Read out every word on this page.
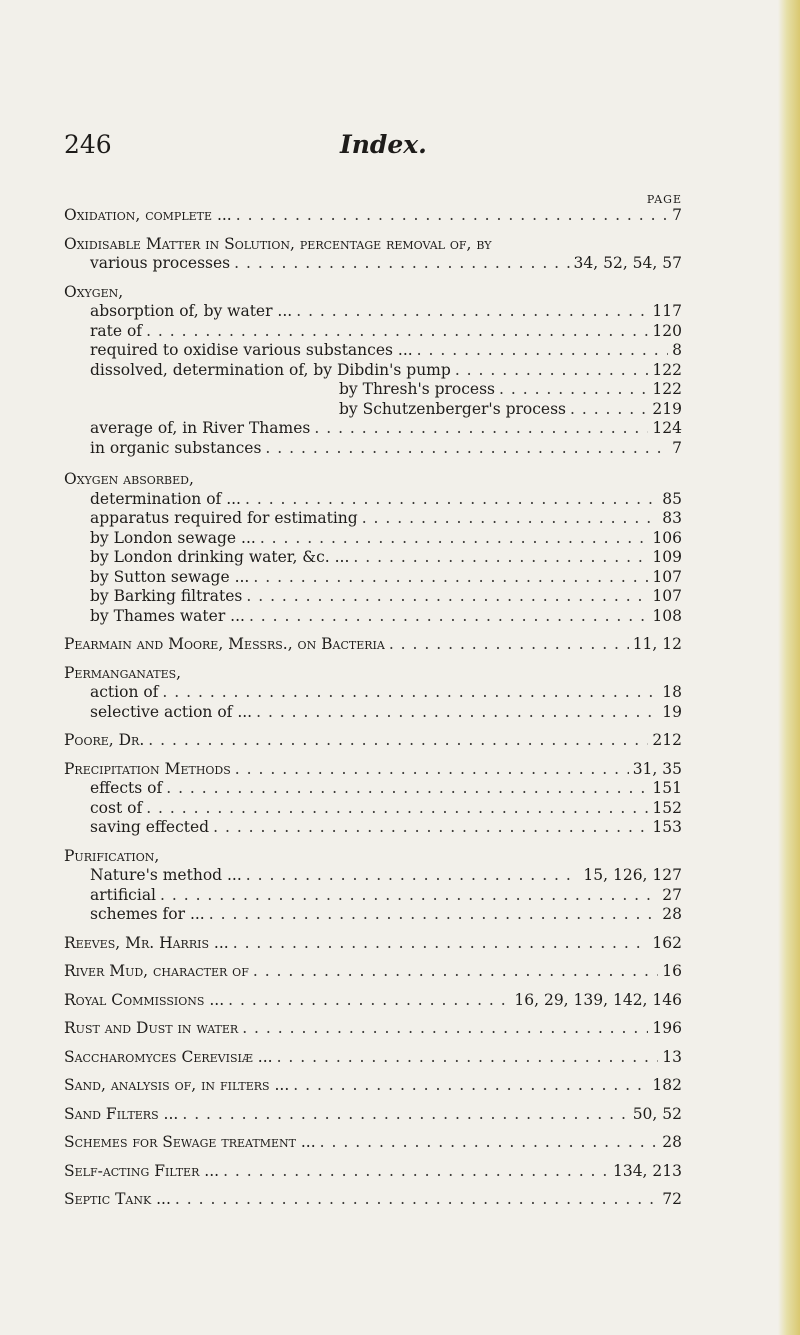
246	Index.
PAGE
Oxidation, complete ... . . .	7
Oxidisable Matter in Solution, percentage removal of, by
various processes . . .	34, 52, 54, 57
Oxygen,
absorption of, by water ... . . .	117
rate of . . .	120
required to oxidise various substances ... . . .	8
dissolved, determination of, by Dibdin's pump . . .	122
by Thresh's process . . .	122
by Schutzenberger's process . . .	219
average of, in River Thames . . .	124
in organic substances . . .	7
Oxygen absorbed,
determination of ... . . .	85
apparatus required for estimating . . .	83
by London sewage ... . . .	106
by London drinking water, &c. ... . . .	109
by Sutton sewage ... . . .	107
by Barking filtrates . . .	107
by Thames water ... . . .	108
Pearmain and Moore, Messrs., on Bacteria . . .	11, 12
Permanganates,
action of . . .	18
selective action of ... . . .	19
Poore, Dr. . . .	212
Precipitation Methods . . .	31, 35
effects of . . .	151
cost of . . .	152
saving effected . . .	153
Purification,
Nature's method ... . . .	15, 126, 127
artificial . . .	27
schemes for ... . . .	28
Reeves, Mr. Harris ... . . .	162
River Mud, character of . . .	16
Royal Commissions ... . . .	16, 29, 139, 142, 146
Rust and Dust in water . . .	196
Saccharomyces Cerevisiæ ... . . .	13
Sand, analysis of, in filters ... . . .	182
Sand Filters ... . . .	50, 52
Schemes for Sewage treatment ... . . .	28
Self-acting Filter ... . . .	134, 213
Septic Tank ... . . .	72
